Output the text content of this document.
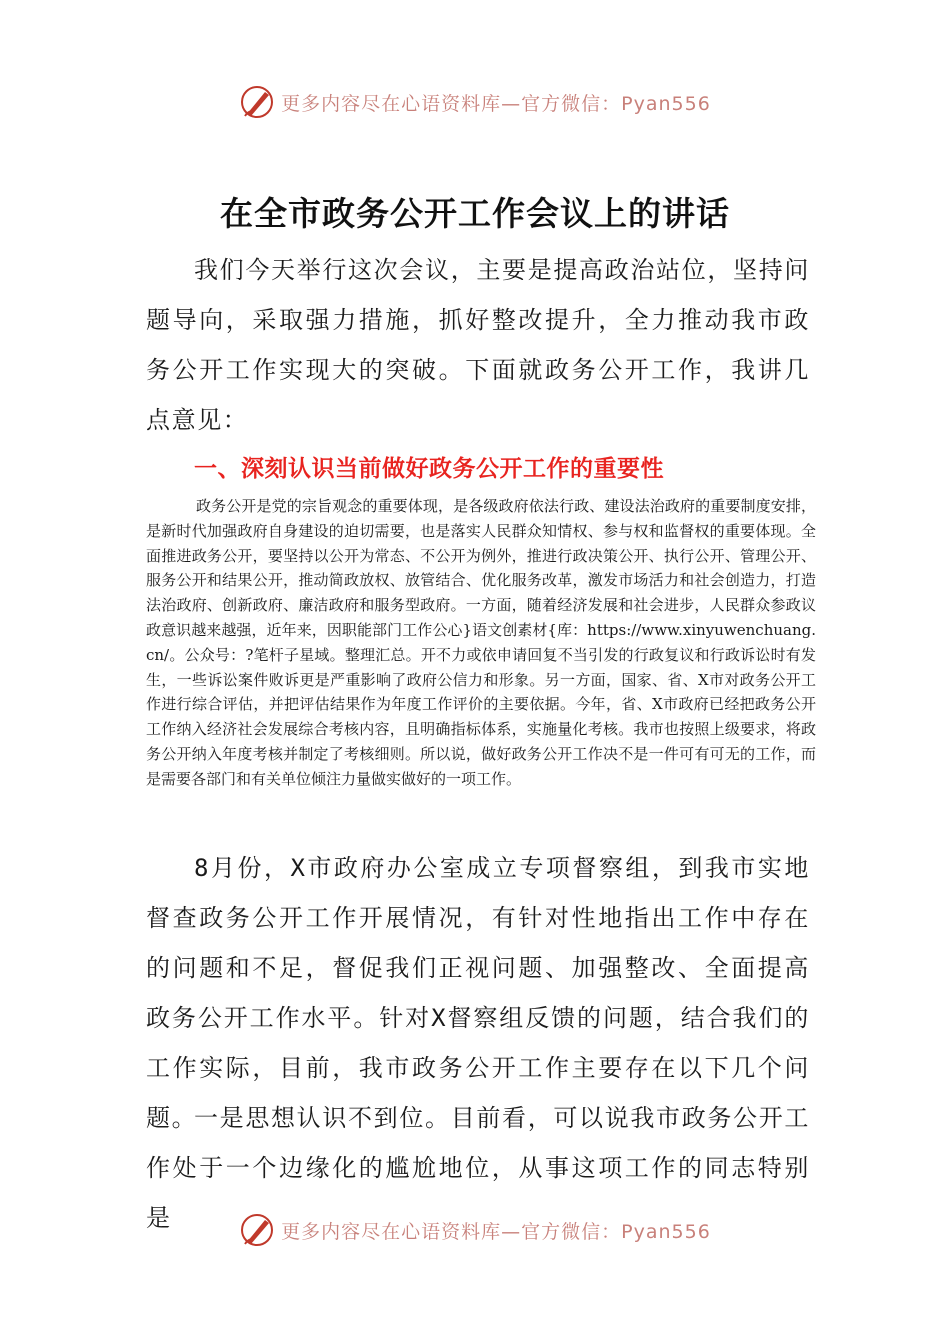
更多内容尽在心语资料库—官方微信：Pyan556
在全市政务公开工作会议上的讲话

我们今天举行这次会议，主要是提高政治站位，坚持问题导向，采取强力措施，抓好整改提升，全力推动我市政务公开工作实现大的突破。下面就政务公开工作，我讲几点意见：

一、深刻认识当前做好政务公开工作的重要性

政务公开是党的宗旨观念的重要体现，是各级政府依法行政、建设法治政府的重要制度安排，是新时代加强政府自身建设的迫切需要，也是落实人民群众知情权、参与权和监督权的重要体现。全面推进政务公开，要坚持以公开为常态、不公开为例外，推进行政决策公开、执行公开、管理公开、服务公开和结果公开，推动简政放权、放管结合、优化服务改革，激发市场活力和社会创造力，打造法治政府、创新政府、廉洁政府和服务型政府。一方面，随着经济发展和社会进步，人民群众参政议政意识越来越强，近年来，因职能部门工作公心}语文创素材{库：https://www.xinyuwenchuang.cn/。公众号：?笔杆子星域。整理汇总。开不力或依申请回复不当引发的行政复议和行政诉讼时有发生，一些诉讼案件败诉更是严重影响了政府公信力和形象。另一方面，国家、省、X市对政务公开工作进行综合评估，并把评估结果作为年度工作评价的主要依据。今年，省、X市政府已经把政务公开工作纳入经济社会发展综合考核内容，且明确指标体系，实施量化考核。我市也按照上级要求，将政务公开纳入年度考核并制定了考核细则。所以说，做好政务公开工作决不是一件可有可无的工作，而是需要各部门和有关单位倾注力量做实做好的一项工作。

8月份，X市政府办公室成立专项督察组，到我市实地督查政务公开工作开展情况，有针对性地指出工作中存在的问题和不足，督促我们正视问题、加强整改、全面提高政务公开工作水平。针对X督察组反馈的问题，结合我们的工作实际，目前，我市政务公开工作主要存在以下几个问题。

一是思想认识不到位。目前看，可以说我市政务公开工作处于一个边缘化的尴尬地位，从事这项工作的同志特别是	更多内容尽在心语资料库—官方微信：Pyan556
